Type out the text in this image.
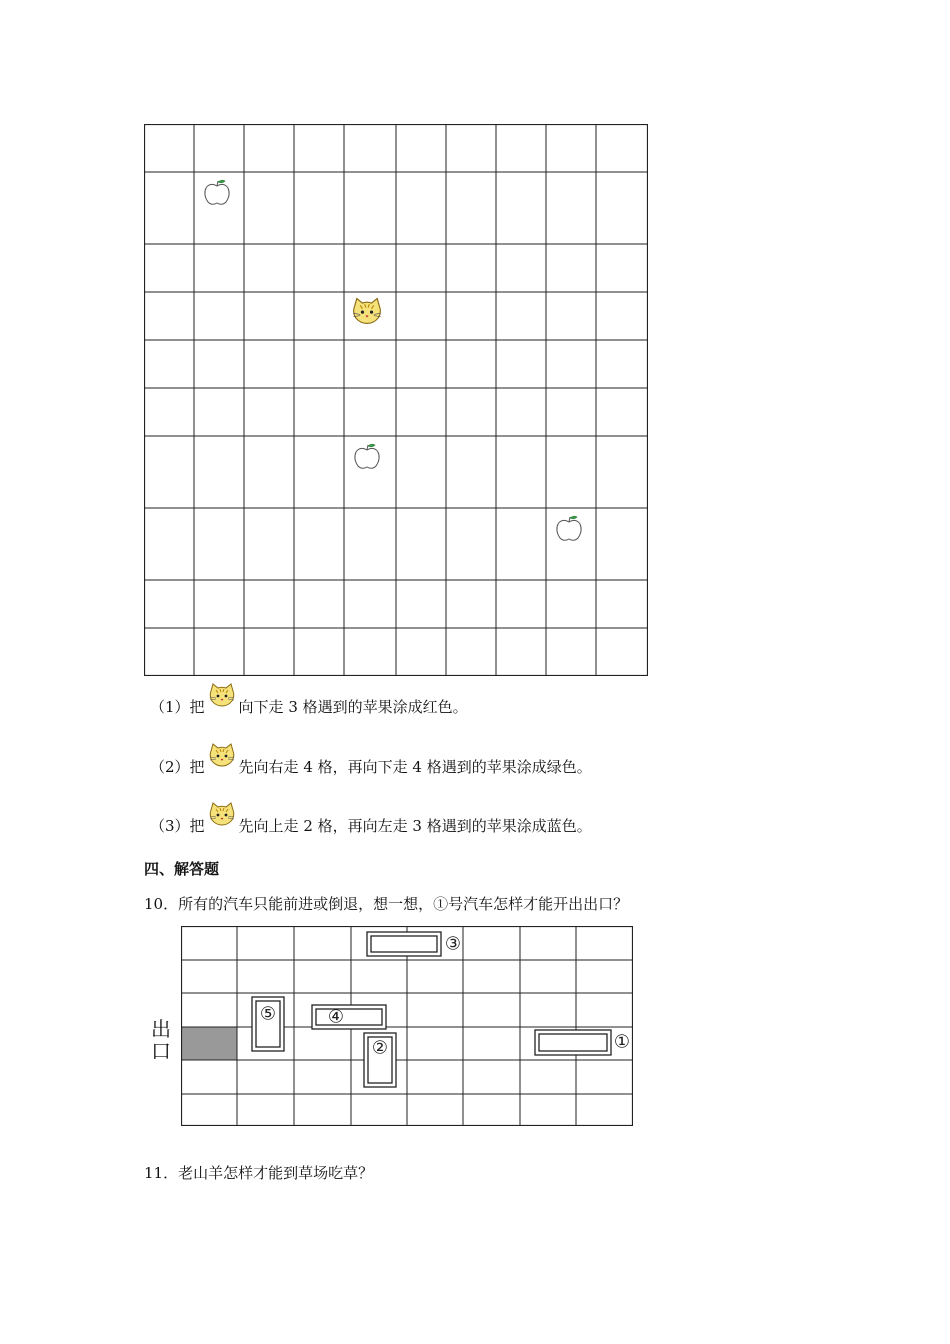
（1）把 向下走 3 格遇到的苹果涂成红色。
（2）把 先向右走 4 格，再向下走 4 格遇到的苹果涂成绿色。
（3）把 先向上走 2 格，再向左走 3 格遇到的苹果涂成蓝色。
四、解答题
10．所有的汽车只能前进或倒退，想一想，①号汽车怎样才能开出出口？
出口
③
⑤	④
②	①
11．老山羊怎样才能到草场吃草？
